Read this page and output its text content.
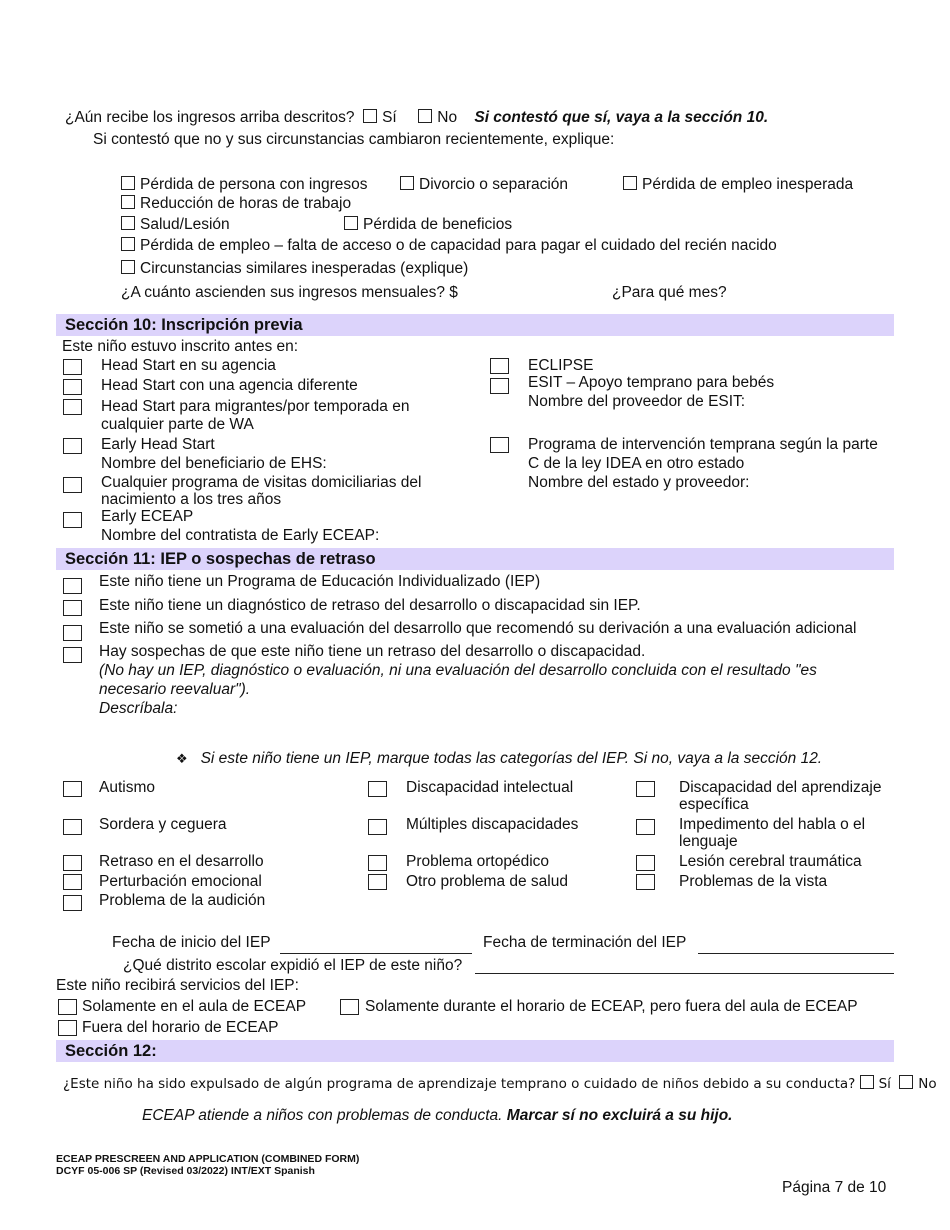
¿Aún recibe los ingresos arriba descritos? Sí	No Si contestó que sí, vaya a la sección 10.
Si contestó que no y sus circunstancias cambiaron recientemente, explique:
Pérdida de persona con ingresos	Divorcio o separación	Pérdida de empleo inesperada
Reducción de horas de trabajo
Salud/Lesión	Pérdida de beneficios
Pérdida de empleo – falta de acceso o de capacidad para pagar el cuidado del recién nacido
Circunstancias similares inesperadas (explique)
¿A cuánto ascienden sus ingresos mensuales? $	¿Para qué mes?
Sección 10: Inscripción previa
Este niño estuvo inscrito antes en:
Head Start en su agencia
Head Start con una agencia diferente
Head Start para migrantes/por temporada en
cualquier parte de WA
Early Head Start
Nombre del beneficiario de EHS:
Cualquier programa de visitas domiciliarias del
nacimiento a los tres años
Early ECEAP
Nombre del contratista de Early ECEAP:
ECLIPSE
ESIT – Apoyo temprano para bebés
Nombre del proveedor de ESIT:
Programa de intervención temprana según la parte
C de la ley IDEA en otro estado
Nombre del estado y proveedor:
Sección 11: IEP o sospechas de retraso
Este niño tiene un Programa de Educación Individualizado (IEP)
Este niño tiene un diagnóstico de retraso del desarrollo o discapacidad sin IEP.
Este niño se sometió a una evaluación del desarrollo que recomendó su derivación a una evaluación adicional
Hay sospechas de que este niño tiene un retraso del desarrollo o discapacidad.
(No hay un IEP, diagnóstico o evaluación, ni una evaluación del desarrollo concluida con el resultado "es
necesario reevaluar").
Descríbala:
❖ Si este niño tiene un IEP, marque todas las categorías del IEP. Si no, vaya a la sección 12.
Autismo	Discapacidad intelectual	Discapacidad del aprendizaje
específica
Sordera y ceguera	Múltiples discapacidades	Impedimento del habla o el
lenguaje
Retraso en el desarrollo	Problema ortopédico	Lesión cerebral traumática
Perturbación emocional	Otro problema de salud	Problemas de la vista
Problema de la audición
Fecha de inicio del IEP	Fecha de terminación del IEP
¿Qué distrito escolar expidió el IEP de este niño?
Este niño recibirá servicios del IEP:
Solamente en el aula de ECEAP	Solamente durante el horario de ECEAP, pero fuera del aula de ECEAP
Fuera del horario de ECEAP
Sección 12:
¿Este niño ha sido expulsado de algún programa de aprendizaje temprano o cuidado de niños debido a su conducta? Sí No
ECEAP atiende a niños con problemas de conducta. Marcar sí no excluirá a su hijo.
ECEAP PRESCREEN AND APPLICATION (COMBINED FORM)
DCYF 05-006 SP (Revised 03/2022) INT/EXT Spanish
Página 7 de 10
